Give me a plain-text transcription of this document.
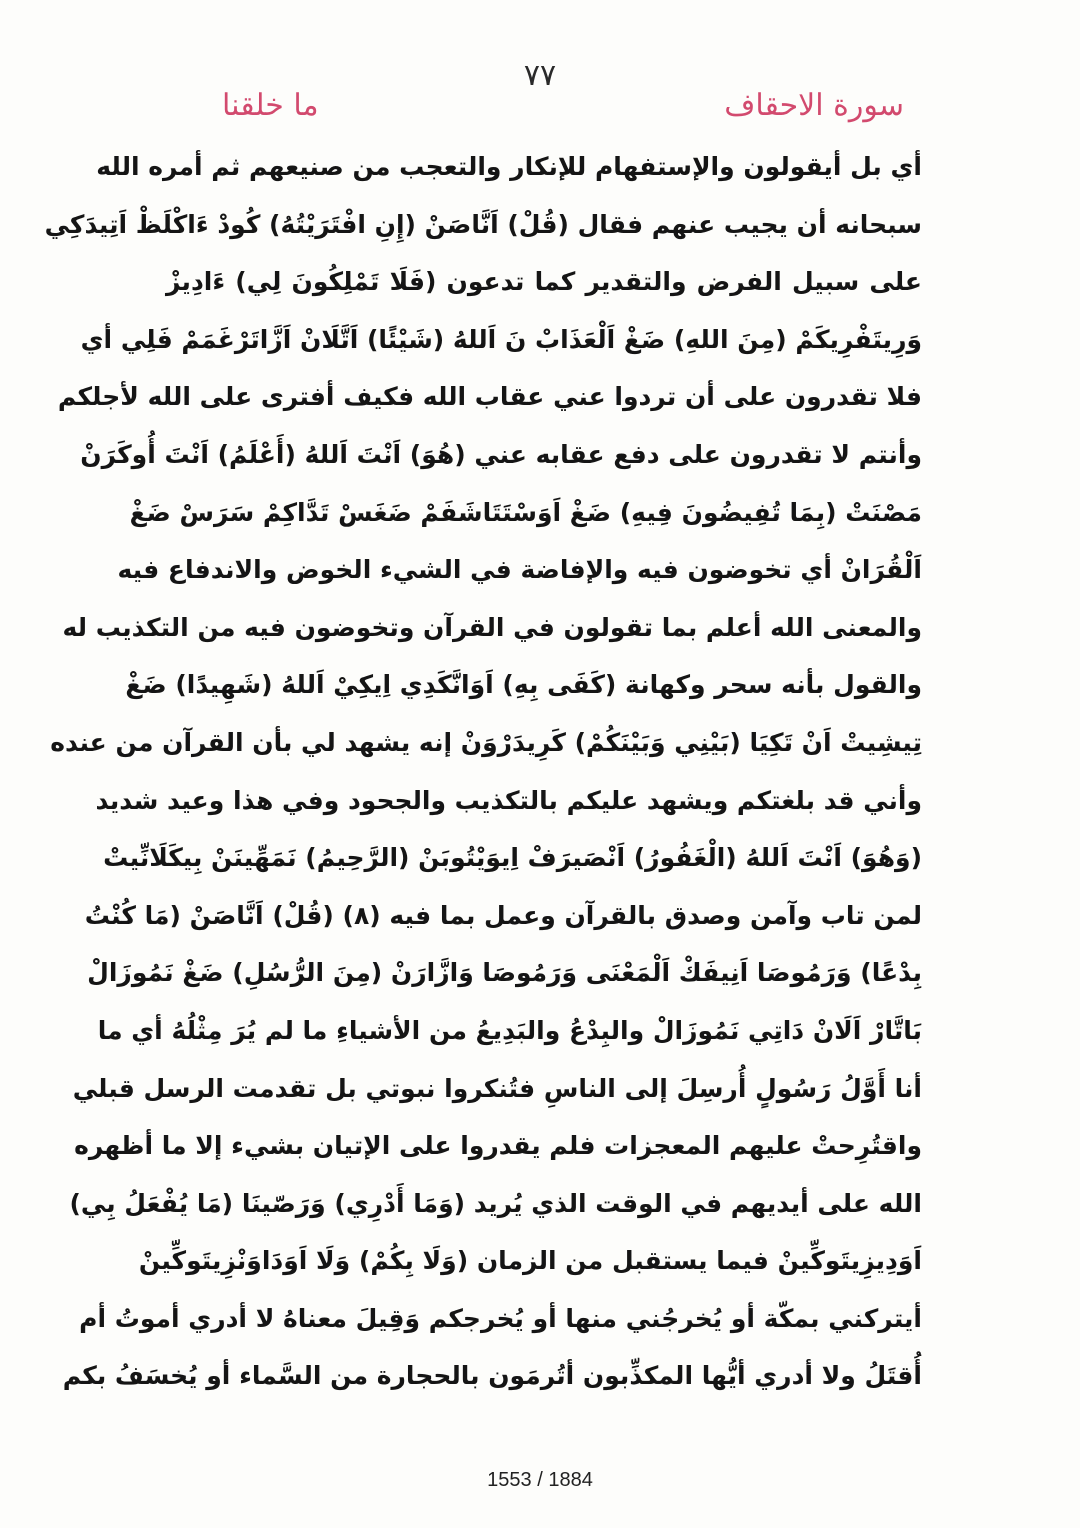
٧٧
سورة الاحقاف
ما خلقنا
أي بل أيقولون والإستفهام للإنكار والتعجب من صنيعهم ثم أمره الله
سبحانه أن يجيب عنهم فقال (قُلْ) اَنَّاصَنْ (إِنِ افْتَرَيْتُهُ) كُودْ ءَاكْلَظْ اَتِيدَكِي
على سبيل الفرض والتقدير كما تدعون (فَلَا تَمْلِكُونَ لِي) ءَادِيزْ
وَرِيتَفْرِيكَمْ (مِنَ اللهِ) ضَغْ اَلْعَذَابْ نَ اَللهُ (شَيْئًا) اَتَّلَانْ اَزَّاتَرْغَمَمْ فَلِي أي
فلا تقدرون على أن تردوا عني عقاب الله فكيف أفترى على الله لأجلكم
وأنتم لا تقدرون على دفع عقابه عني (هُوَ) اَنْتَ اَللهُ (أَعْلَمُ) اَنْتَ أُوكَرَنْ
مَصْنَتْ (بِمَا تُفِيضُونَ فِيهِ) ضَغْ اَوَسْتَتَاشَفَمْ ضَغَسْ تَدَّاكِمْ سَرَسْ ضَغْ
اَلْقُرَانْ أي تخوضون فيه والإفاضة في الشيء الخوض والاندفاع فيه
والمعنى الله أعلم بما تقولون في القرآن وتخوضون فيه من التكذيب له
والقول بأنه سحر وكهانة (كَفَى بِهِ) اَوَانَّكَدِي اِيكِيْ اَللهُ (شَهِيدًا) ضَغْ
تِيشِيتْ اَنْ تَكِيَا (بَيْنِي وَبَيْنَكُمْ) كَرِيدَرْوَنْ إنه يشهد لي بأن القرآن من عنده
وأني قد بلغتكم ويشهد عليكم بالتكذيب والجحود وفي هذا وعيد شديد
(وَهُوَ) اَنْتَ اَللهُ (الْغَفُورُ) اَنْصَيرَفْ اِيوَيْتُوبَنْ (الرَّحِيمُ) نَمَهِّينَنْ بِيكَلَانِّيتْ
لمن تاب وآمن وصدق بالقرآن وعمل بما فيه (٨) (قُلْ) اَنَّاصَنْ (مَا كُنْتُ
بِدْعًا) وَرَمُوصَا اَنِيفَكْ اَلْمَعْنَى وَرَمُوصَا وَازَّارَنْ (مِنَ الرُّسُلِ) ضَغْ نَمُوزَالْ
بَاتَّارْ اَلَانْ دَاتِي نَمُوزَالْ والبِدْعُ والبَدِيعُ من الأشياءِ ما لم يُرَ مِثْلُهُ أي ما
أنا أَوَّلُ رَسُولٍ أُرسِلَ إلى الناسِ فتُنكروا نبوتي بل تقدمت الرسل قبلي
واقتُرِحتْ عليهم المعجزات فلم يقدروا على الإتيان بشيء إلا ما أظهره
الله على أيديهم في الوقت الذي يُريد (وَمَا أَدْرِي) وَرَصّينَا (مَا يُفْعَلُ بِي)
اَوَدِيزِيتَوكِّينْ فيما يستقبل من الزمان (وَلَا بِكُمْ) وَلَا اَوَدَاوَنْزِيتَوكِّينْ
أيتركني بمكّة أو يُخرجُني منها أو يُخرجكم وَقِيلَ معناهُ لا أدري أموتُ أم
أُقتَلُ ولا أدري أيُّها المكذِّبون أتُرمَون بالحجارة من السَّماء أو يُخسَفُ بكم
1553 / 1884
